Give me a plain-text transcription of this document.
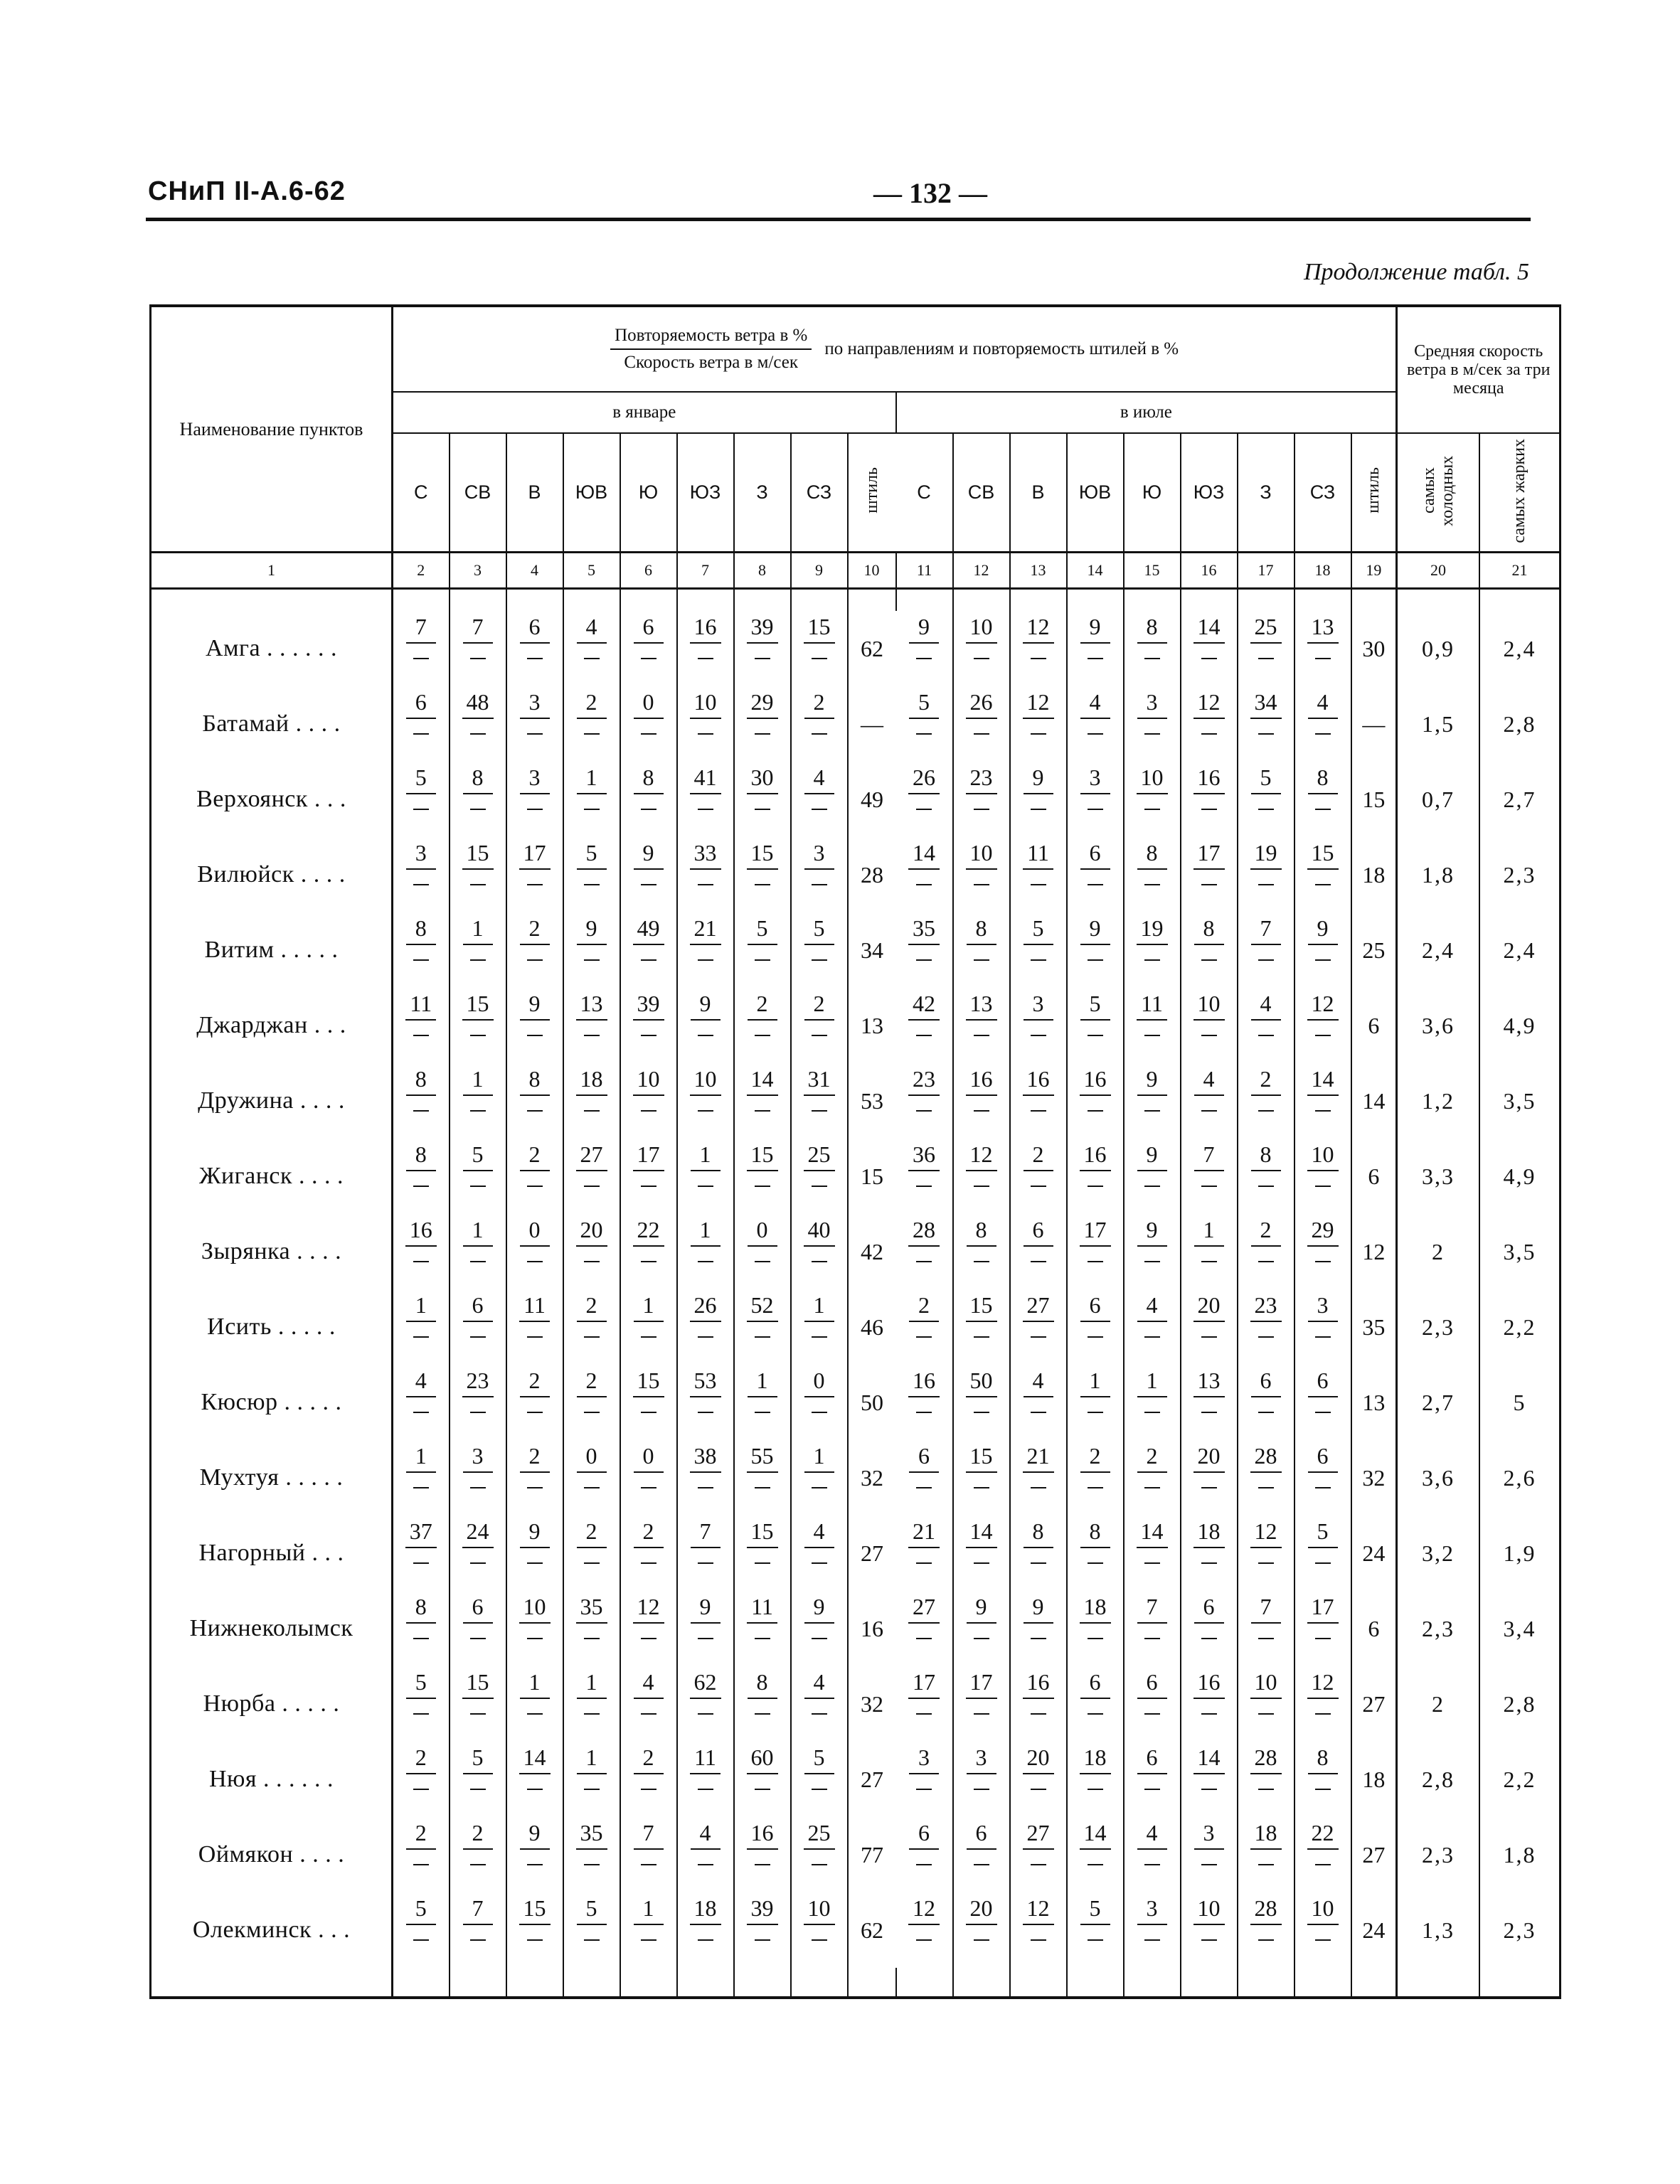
СНиП II-А.6-62	— 132 —
Продолжение табл. 5
Наименование пунктов	$\frac{\text{Повторяемость ветра в \%}}{\text{Скорость ветра в м/сек}}$ по направлениям и повторяемость штилей в %																		Средняя скорость ветра в м/сек за три месяца	
	в январе									в июле										
	С	СВ	В	ЮВ	Ю	ЮЗ	З	СЗ	штиль	С	СВ	В	ЮВ	Ю	ЮЗ	З	СЗ	штиль	самых холодных	самых жарких
1	2	3	4	5	6	7	8	9	10	11	12	13	14	15	16	17	18	19	20	21

Амга . . . . . .	7	7	6	4	6	16	39	15	62	9	10	12	9	8	14	25	13	30	0,9	2,4
Батамай . . . .	6	48	3	2	0	10	29	2	—	5	26	12	4	3	12	34	4	—	1,5	2,8
Верхоянск . . .	5	8	3	1	8	41	30	4	49	26	23	9	3	10	16	5	8	15	0,7	2,7
Вилюйск . . . .	3	15	17	5	9	33	15	3	28	14	10	11	6	8	17	19	15	18	1,8	2,3
Витим . . . . .	8	1	2	9	49	21	5	5	34	35	8	5	9	19	8	7	9	25	2,4	2,4
Джарджан . . .	11	15	9	13	39	9	2	2	13	42	13	3	5	11	10	4	12	6	3,6	4,9
Дружина . . . .	8	1	8	18	10	10	14	31	53	23	16	16	16	9	4	2	14	14	1,2	3,5
Жиганск . . . .	8	5	2	27	17	1	15	25	15	36	12	2	16	9	7	8	10	6	3,3	4,9
Зырянка . . . .	16	1	0	20	22	1	0	40	42	28	8	6	17	9	1	2	29	12	2	3,5
Исить . . . . .	1	6	11	2	1	26	52	1	46	2	15	27	6	4	20	23	3	35	2,3	2,2
Кюсюр . . . . .	4	23	2	2	15	53	1	0	50	16	50	4	1	1	13	6	6	13	2,7	5
Мухтуя . . . . .	1	3	2	0	0	38	55	1	32	6	15	21	2	2	20	28	6	32	3,6	2,6
Нагорный . . .	37	24	9	2	2	7	15	4	27	21	14	8	8	14	18	12	5	24	3,2	1,9
Нижнеколымск	8	6	10	35	12	9	11	9	16	27	9	9	18	7	6	7	17	6	2,3	3,4
Нюрба . . . . .	5	15	1	1	4	62	8	4	32	17	17	16	6	6	16	10	12	27	2	2,8
Нюя . . . . . .	2	5	14	1	2	11	60	5	27	3	3	20	18	6	14	28	8	18	2,8	2,2
Оймякон . . . .	2	2	9	35	7	4	16	25	77	6	6	27	14	4	3	18	22	27	2,3	1,8
Олекминск . . .	5	7	15	5	1	18	39	10	62	12	20	12	5	3	10	28	10	24	1,3	2,3
